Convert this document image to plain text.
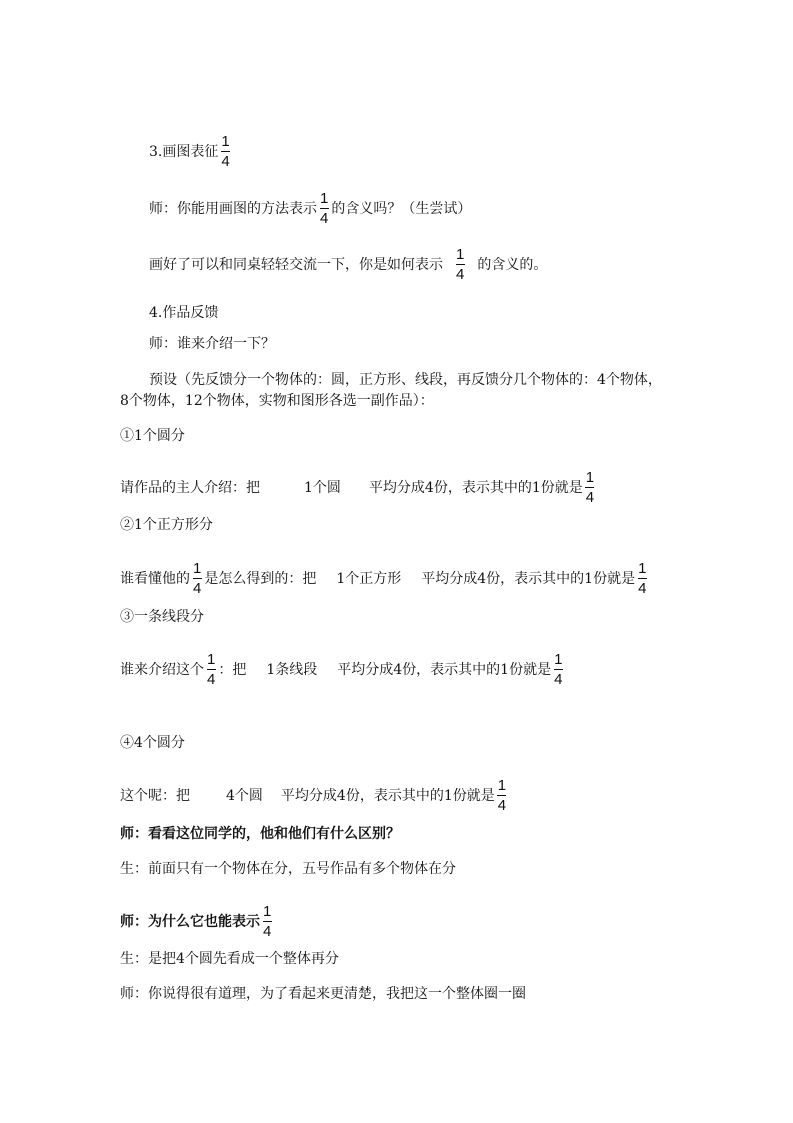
3.画图表征 $\frac{1}{4}$
师：你能用画图的方法表示 $\frac{1}{4}$ 的含义吗？（生尝试）
画好了可以和同桌轻轻交流一下，你是如何表示 $\frac{1}{4}$ 的含义的。
4.作品反馈
师：谁来介绍一下？
预设（先反馈分一个物体的：圆，正方形、线段，再反馈分几个物体的：4个物体，
8个物体，12个物体，实物和图形各选一副作品）：
①1个圆分
请作品的主人介绍：把	1个圆 平均分成4份，表示其中的1份就是 $\frac{1}{4}$
②1个正方形分
谁看懂他的 $\frac{1}{4}$ 是怎么得到的：把 1个正方形 平均分成4份，表示其中的1份就是 $\frac{1}{4}$
③一条线段分
谁来介绍这个 $\frac{1}{4}$ ：把 1条线段 平均分成4份，表示其中的1份就是 $\frac{1}{4}$
④4个圆分
这个呢：把	4个圆 平均分成4份，表示其中的1份就是 $\frac{1}{4}$
师：看看这位同学的，他和他们有什么区别？
生：前面只有一个物体在分，五号作品有多个物体在分
师：为什么它也能表示 $\frac{1}{4}$
生：是把4个圆先看成一个整体再分
师：你说得很有道理，为了看起来更清楚，我把这一个整体圈一圈
